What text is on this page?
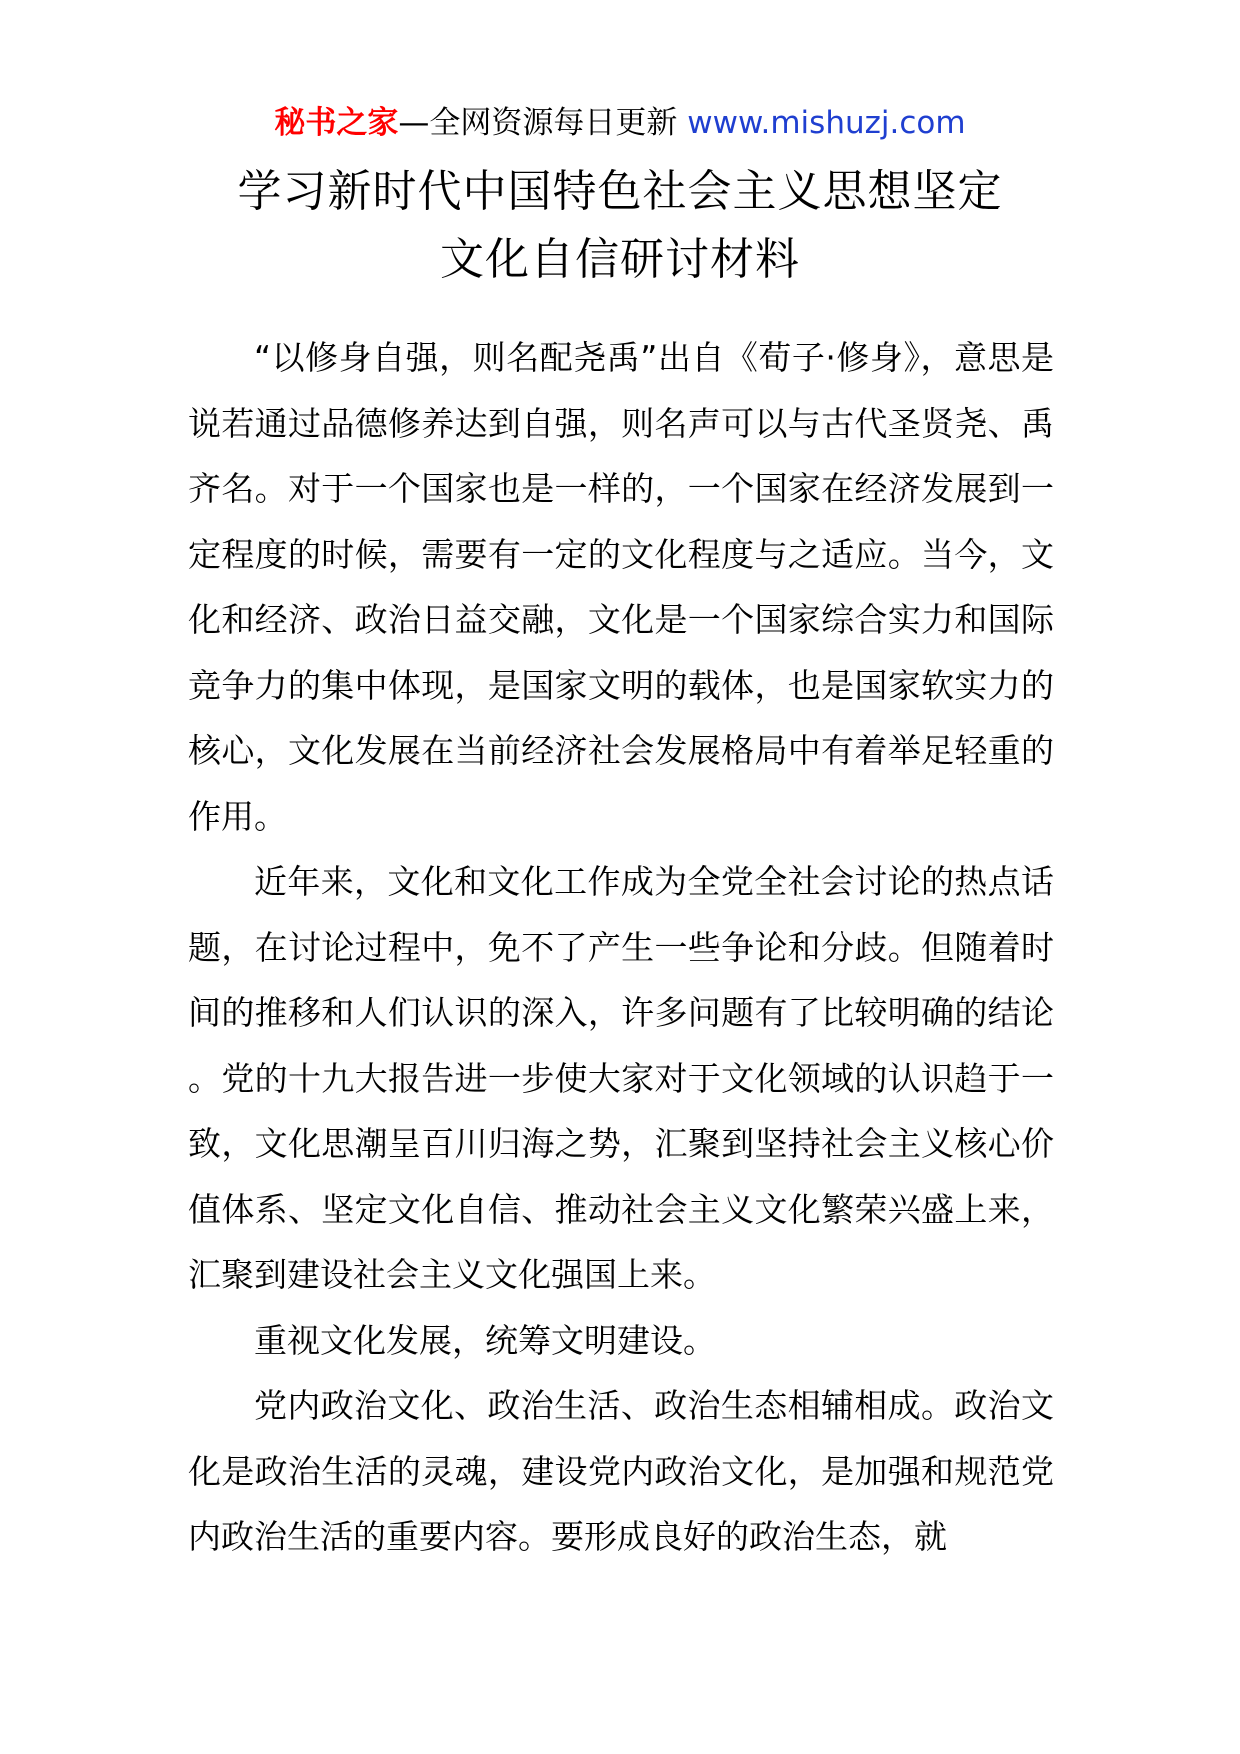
秘书之家—全网资源每日更新 www.mishuzj.com
学习新时代中国特色社会主义思想坚定
文化自信研讨材料

“以修身自强，则名配尧禹”出自《荀子·修身》，意思是说若通过品德修养达到自强，则名声可以与古代圣贤尧、禹齐名。对于一个国家也是一样的，一个国家在经济发展到一定程度的时候，需要有一定的文化程度与之适应。当今，文化和经济、政治日益交融，文化是一个国家综合实力和国际竞争力的集中体现，是国家文明的载体，也是国家软实力的核心，文化发展在当前经济社会发展格局中有着举足轻重的作用。

近年来，文化和文化工作成为全党全社会讨论的热点话题，在讨论过程中，免不了产生一些争论和分歧。但随着时间的推移和人们认识的深入，许多问题有了比较明确的结论。党的十九大报告进一步使大家对于文化领域的认识趋于一致，文化思潮呈百川归海之势，汇聚到坚持社会主义核心价值体系、坚定文化自信、推动社会主义文化繁荣兴盛上来，汇聚到建设社会主义文化强国上来。

重视文化发展，统筹文明建设。

党内政治文化、政治生活、政治生态相辅相成。政治文化是政治生活的灵魂，建设党内政治文化，是加强和规范党内政治生活的重要内容。要形成良好的政治生态，就
